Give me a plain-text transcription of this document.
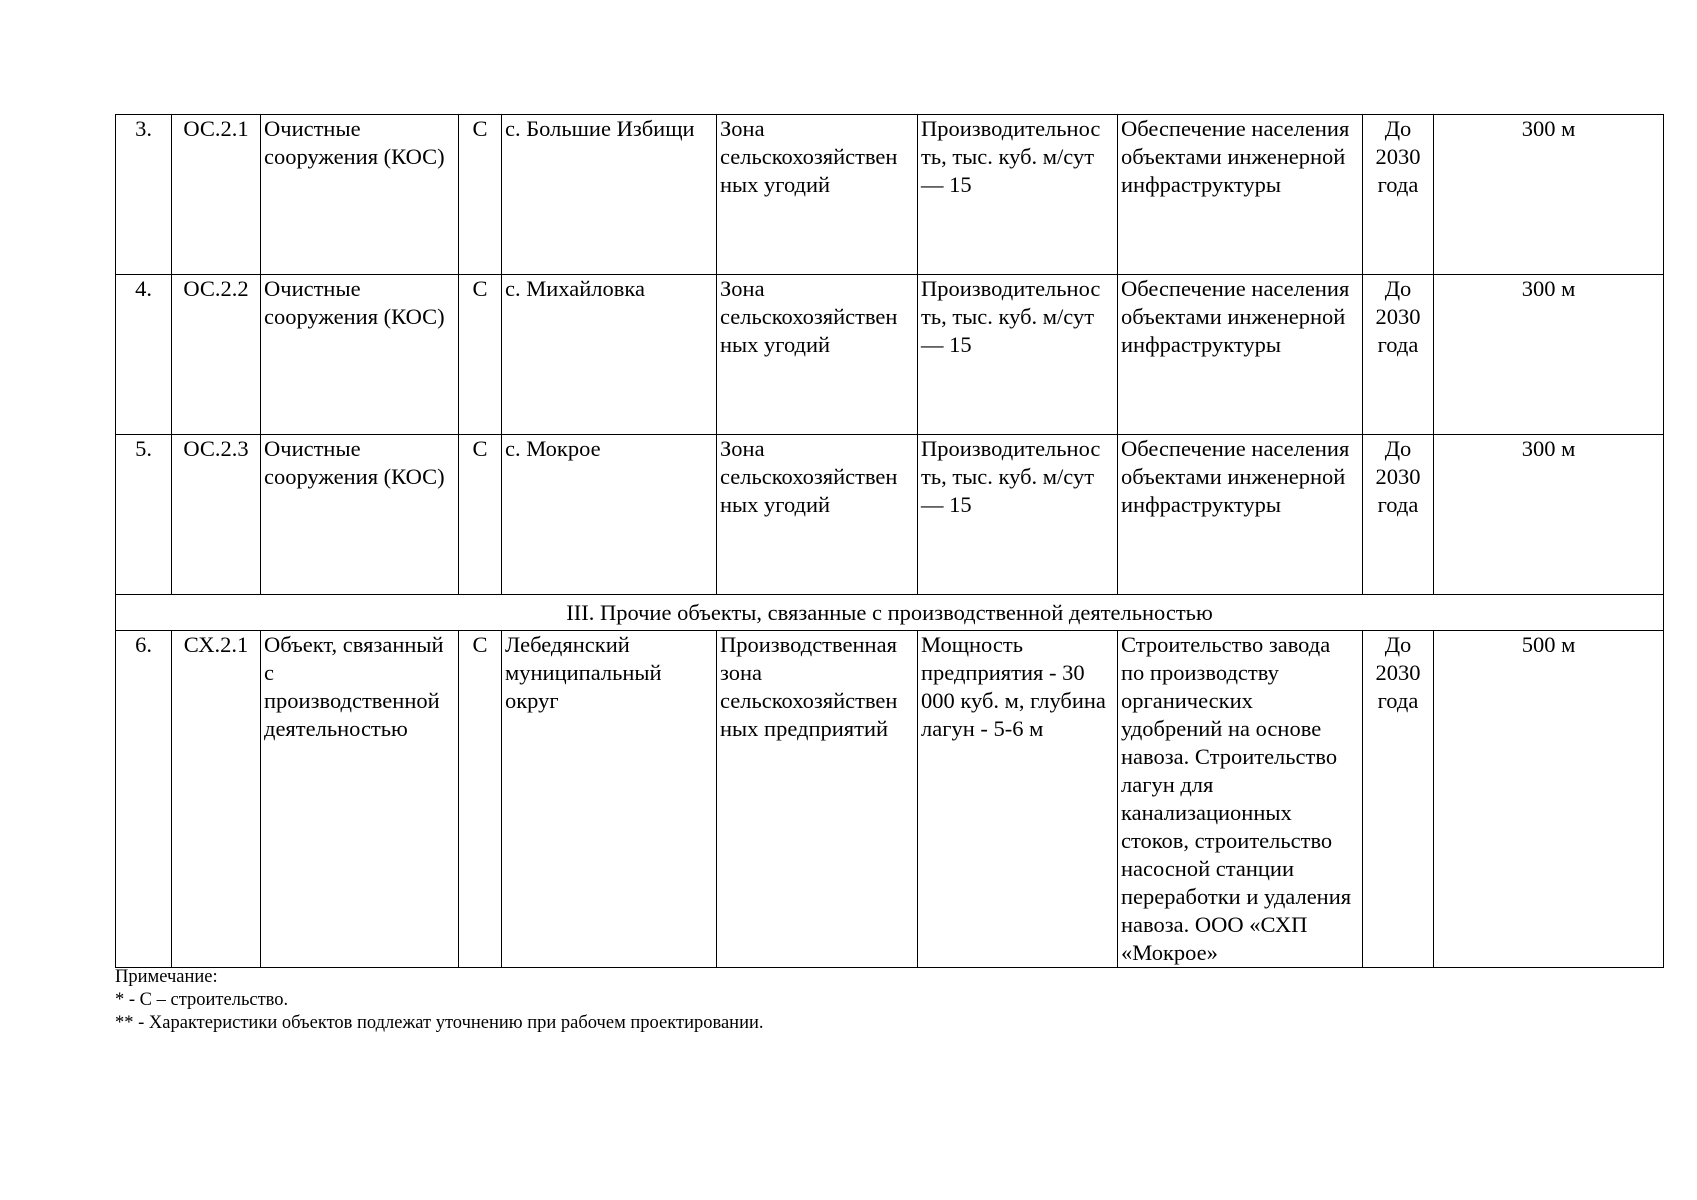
3.	ОС.2.1	Очистные сооружения (КОС)	С	с. Большие Избищи	Зона сельскохозяйствен ных угодий	Производительнос ть, тыс. куб. м/сут — 15	Обеспечение населения объектами инженерной инфраструктуры	До 2030 года	300 м
4.	ОС.2.2	Очистные сооружения (КОС)	С	с. Михайловка	Зона сельскохозяйствен ных угодий	Производительнос ть, тыс. куб. м/сут — 15	Обеспечение населения объектами инженерной инфраструктуры	До 2030 года	300 м
5.	ОС.2.3	Очистные сооружения (КОС)	С	с. Мокрое	Зона сельскохозяйствен ных угодий	Производительнос ть, тыс. куб. м/сут — 15	Обеспечение населения объектами инженерной инфраструктуры	До 2030 года	300 м
III. Прочие объекты, связанные с производственной деятельностью									
6.	СХ.2.1	Объект, связанный с производственной деятельностью	С	Лебедянский муниципальный округ	Производственная зона сельскохозяйствен ных предприятий	Мощность предприятия - 30 000 куб. м, глубина лагун - 5-6 м	Строительство завода по производству органических удобрений на основе навоза. Строительство лагун для канализационных стоков, строительство насосной станции переработки и удаления навоза. ООО «СХП «Мокрое»	До 2030 года	500 м
Примечание:
* - С – строительство.
** - Характеристики объектов подлежат уточнению при рабочем проектировании.
